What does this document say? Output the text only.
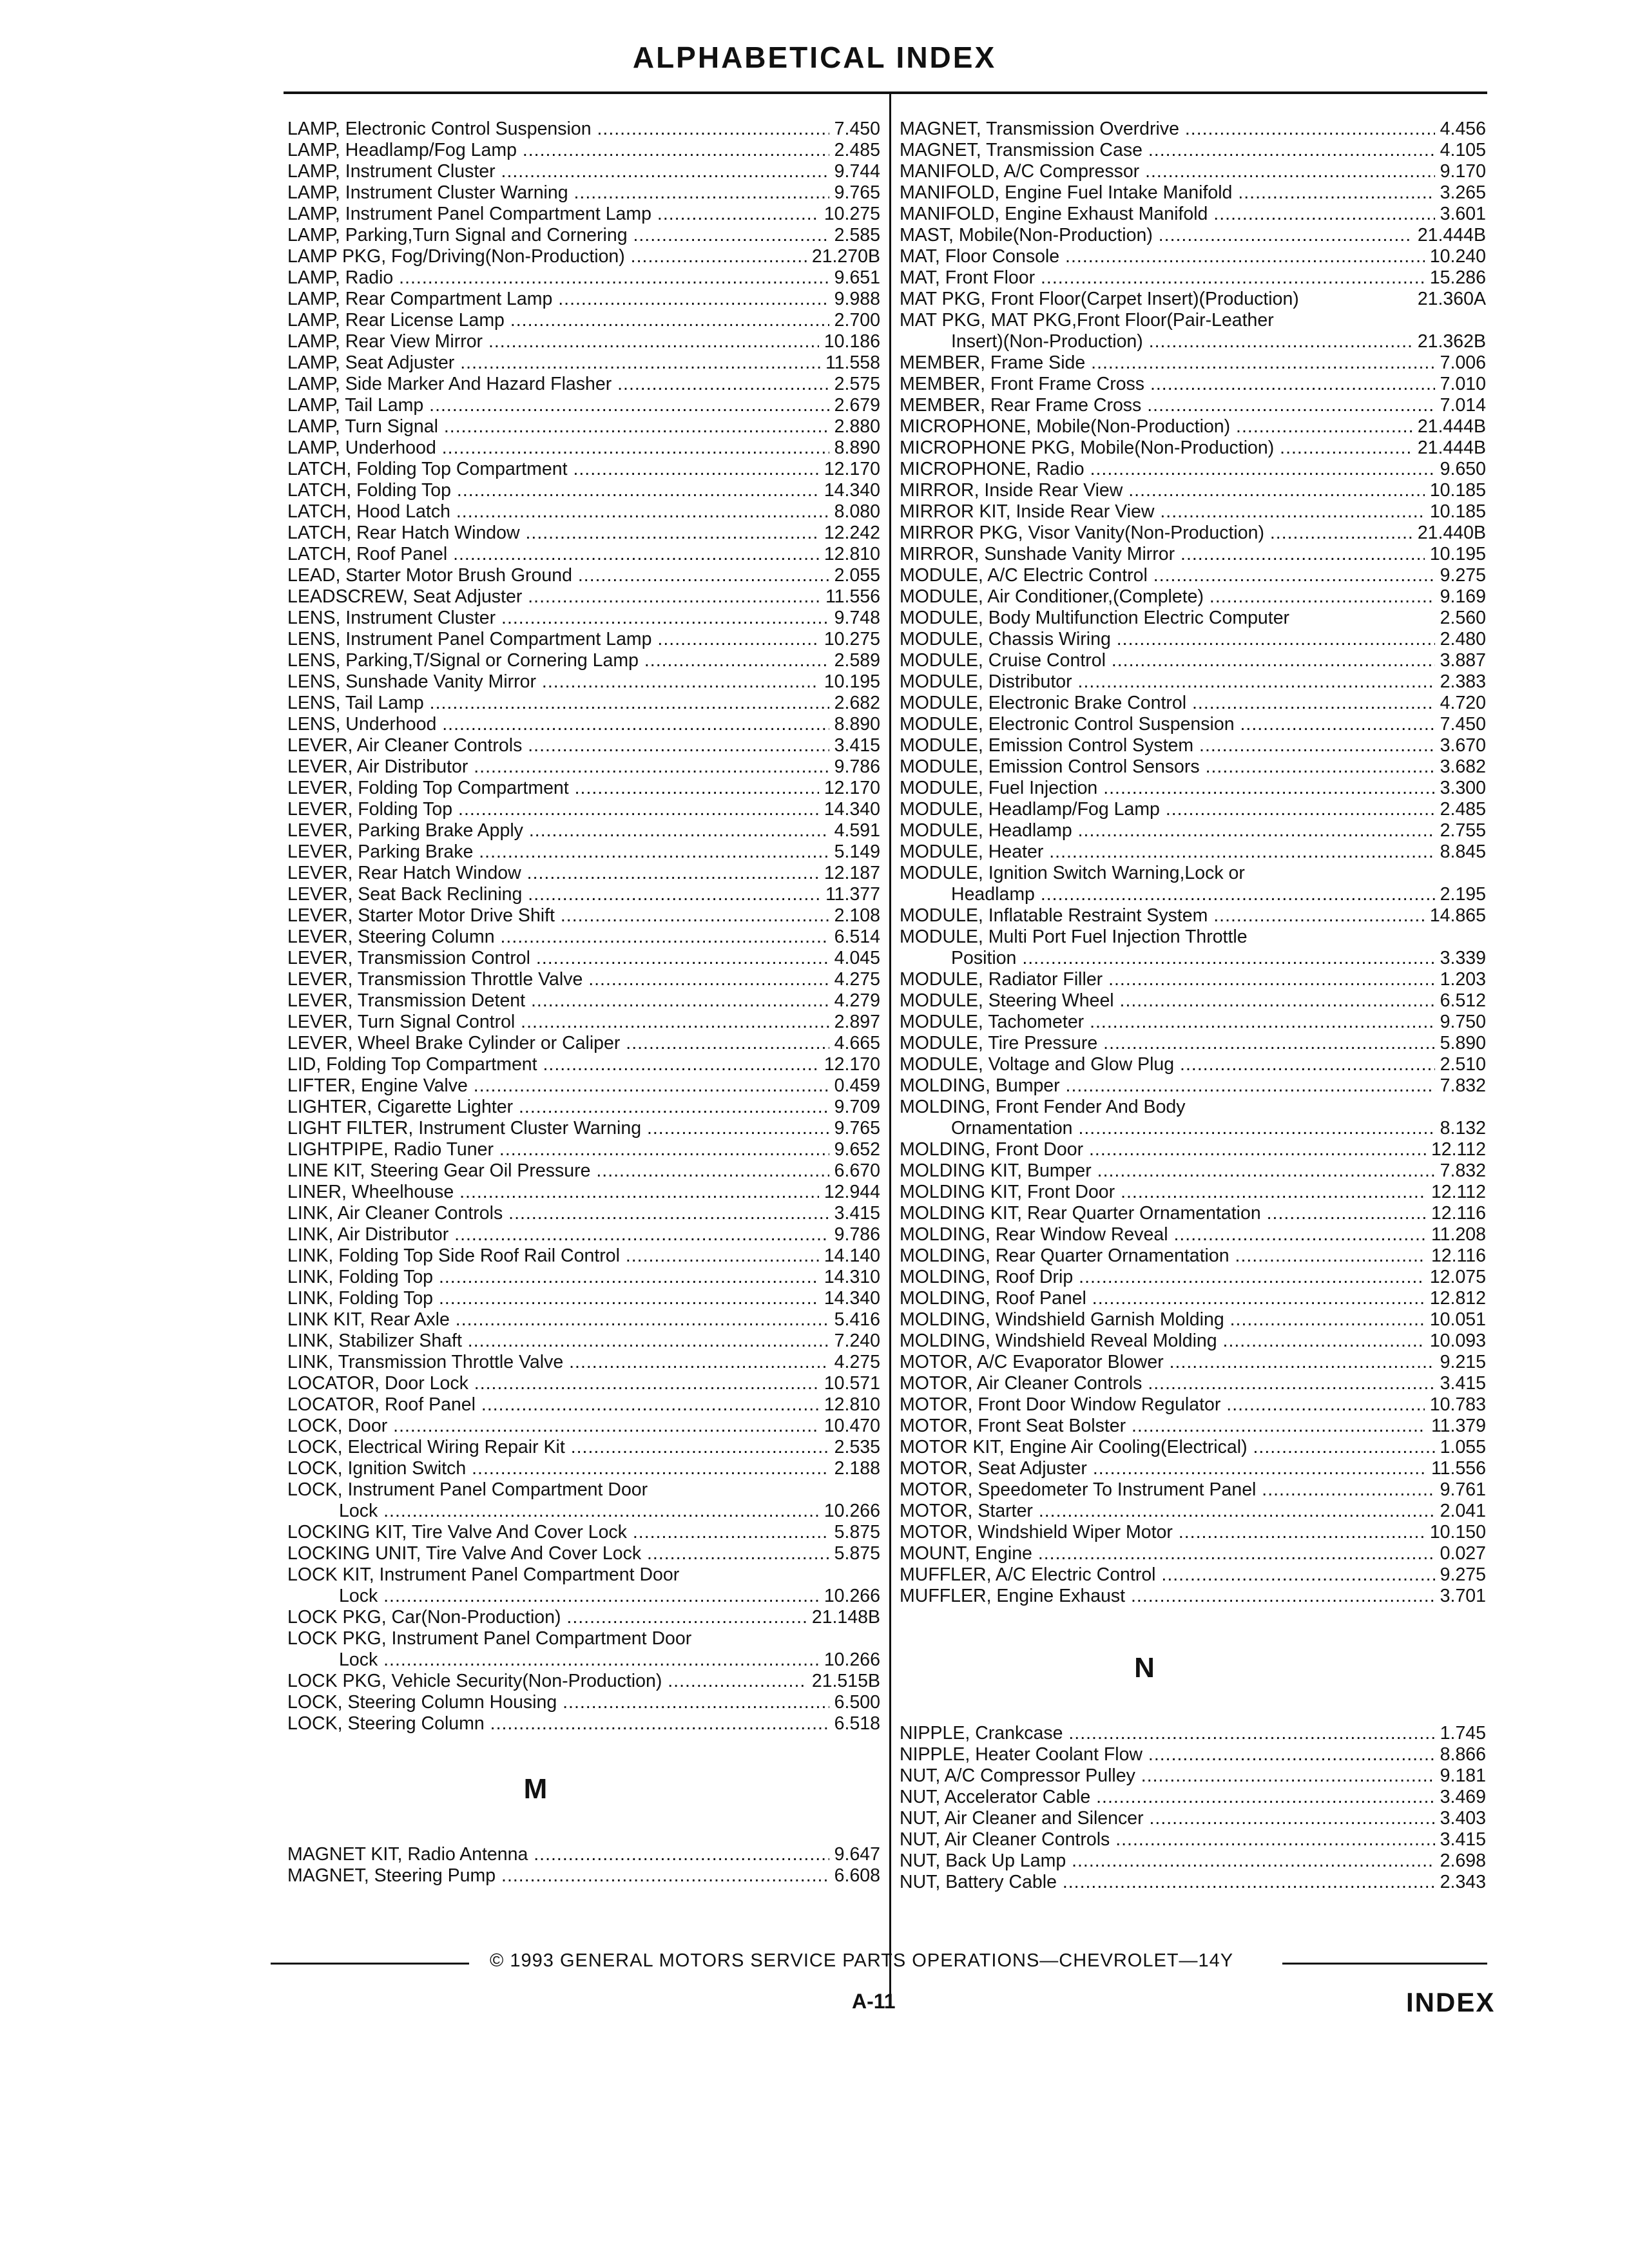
ALPHABETICAL INDEX
LAMP, Electronic Control Suspension .....	7.450
LAMP, Headlamp/Fog Lamp .....	2.485
LAMP, Instrument Cluster .....	9.744
LAMP, Instrument Cluster Warning .....	9.765
LAMP, Instrument Panel Compartment Lamp .....	10.275
LAMP, Parking,Turn Signal and Cornering .....	2.585
LAMP PKG, Fog/Driving(Non-Production) .....	21.270B
LAMP, Radio .....	9.651
LAMP, Rear Compartment Lamp .....	9.988
LAMP, Rear License Lamp .....	2.700
LAMP, Rear View Mirror .....	10.186
LAMP, Seat Adjuster .....	11.558
LAMP, Side Marker And Hazard Flasher .....	2.575
LAMP, Tail Lamp .....	2.679
LAMP, Turn Signal .....	2.880
LAMP, Underhood .....	8.890
LATCH, Folding Top Compartment .....	12.170
LATCH, Folding Top .....	14.340
LATCH, Hood Latch .....	8.080
LATCH, Rear Hatch Window .....	12.242
LATCH, Roof Panel .....	12.810
LEAD, Starter Motor Brush Ground .....	2.055
LEADSCREW, Seat Adjuster .....	11.556
LENS, Instrument Cluster .....	9.748
LENS, Instrument Panel Compartment Lamp .....	10.275
LENS, Parking,T/Signal or Cornering Lamp .....	2.589
LENS, Sunshade Vanity Mirror .....	10.195
LENS, Tail Lamp .....	2.682
LENS, Underhood .....	8.890
LEVER, Air Cleaner Controls .....	3.415
LEVER, Air Distributor .....	9.786
LEVER, Folding Top Compartment .....	12.170
LEVER, Folding Top .....	14.340
LEVER, Parking Brake Apply .....	4.591
LEVER, Parking Brake .....	5.149
LEVER, Rear Hatch Window .....	12.187
LEVER, Seat Back Reclining .....	11.377
LEVER, Starter Motor Drive Shift .....	2.108
LEVER, Steering Column .....	6.514
LEVER, Transmission Control .....	4.045
LEVER, Transmission Throttle Valve .....	4.275
LEVER, Transmission Detent .....	4.279
LEVER, Turn Signal Control .....	2.897
LEVER, Wheel Brake Cylinder or Caliper .....	4.665
LID, Folding Top Compartment .....	12.170
LIFTER, Engine Valve .....	0.459
LIGHTER, Cigarette Lighter .....	9.709
LIGHT FILTER, Instrument Cluster Warning .....	9.765
LIGHTPIPE, Radio Tuner .....	9.652
LINE KIT, Steering Gear Oil Pressure .....	6.670
LINER, Wheelhouse .....	12.944
LINK, Air Cleaner Controls .....	3.415
LINK, Air Distributor .....	9.786
LINK, Folding Top Side Roof Rail Control .....	14.140
LINK, Folding Top .....	14.310
LINK, Folding Top .....	14.340
LINK KIT, Rear Axle .....	5.416
LINK, Stabilizer Shaft .....	7.240
LINK, Transmission Throttle Valve .....	4.275
LOCATOR, Door Lock .....	10.571
LOCATOR, Roof Panel .....	12.810
LOCK, Door .....	10.470
LOCK, Electrical Wiring Repair Kit .....	2.535
LOCK, Ignition Switch .....	2.188
LOCK, Instrument Panel Compartment Door
Lock .....	10.266
LOCKING KIT, Tire Valve And Cover Lock .....	5.875
LOCKING UNIT, Tire Valve And Cover Lock .....	5.875
LOCK KIT, Instrument Panel Compartment Door
Lock .....	10.266
LOCK PKG, Car(Non-Production) .....	21.148B
LOCK PKG, Instrument Panel Compartment Door
Lock .....	10.266
LOCK PKG, Vehicle Security(Non-Production) .....	21.515B
LOCK, Steering Column Housing .....	6.500
LOCK, Steering Column .....	6.518
M
MAGNET KIT, Radio Antenna .....	9.647
MAGNET, Steering Pump .....	6.608
MAGNET, Transmission Overdrive .....	4.456
MAGNET, Transmission Case .....	4.105
MANIFOLD, A/C Compressor .....	9.170
MANIFOLD, Engine Fuel Intake Manifold .....	3.265
MANIFOLD, Engine Exhaust Manifold .....	3.601
MAST, Mobile(Non-Production) .....	21.444B
MAT, Floor Console .....	10.240
MAT, Front Floor .....	15.286
MAT PKG, Front Floor(Carpet Insert)(Production)	21.360A
MAT PKG, MAT PKG,Front Floor(Pair-Leather
Insert)(Non-Production) .....	21.362B
MEMBER, Frame Side .....	7.006
MEMBER, Front Frame Cross .....	7.010
MEMBER, Rear Frame Cross .....	7.014
MICROPHONE, Mobile(Non-Production) .....	21.444B
MICROPHONE PKG, Mobile(Non-Production) .....	21.444B
MICROPHONE, Radio .....	9.650
MIRROR, Inside Rear View .....	10.185
MIRROR KIT, Inside Rear View .....	10.185
MIRROR PKG, Visor Vanity(Non-Production) .....	21.440B
MIRROR, Sunshade Vanity Mirror .....	10.195
MODULE, A/C Electric Control .....	9.275
MODULE, Air Conditioner,(Complete) .....	9.169
MODULE, Body Multifunction Electric Computer	2.560
MODULE, Chassis Wiring .....	2.480
MODULE, Cruise Control .....	3.887
MODULE, Distributor .....	2.383
MODULE, Electronic Brake Control .....	4.720
MODULE, Electronic Control Suspension .....	7.450
MODULE, Emission Control System .....	3.670
MODULE, Emission Control Sensors .....	3.682
MODULE, Fuel Injection .....	3.300
MODULE, Headlamp/Fog Lamp .....	2.485
MODULE, Headlamp .....	2.755
MODULE, Heater .....	8.845
MODULE, Ignition Switch Warning,Lock or
Headlamp .....	2.195
MODULE, Inflatable Restraint System .....	14.865
MODULE, Multi Port Fuel Injection Throttle
Position .....	3.339
MODULE, Radiator Filler .....	1.203
MODULE, Steering Wheel .....	6.512
MODULE, Tachometer .....	9.750
MODULE, Tire Pressure .....	5.890
MODULE, Voltage and Glow Plug .....	2.510
MOLDING, Bumper .....	7.832
MOLDING, Front Fender And Body
Ornamentation .....	8.132
MOLDING, Front Door .....	12.112
MOLDING KIT, Bumper .....	7.832
MOLDING KIT, Front Door .....	12.112
MOLDING KIT, Rear Quarter Ornamentation .....	12.116
MOLDING, Rear Window Reveal .....	11.208
MOLDING, Rear Quarter Ornamentation .....	12.116
MOLDING, Roof Drip .....	12.075
MOLDING, Roof Panel .....	12.812
MOLDING, Windshield Garnish Molding .....	10.051
MOLDING, Windshield Reveal Molding .....	10.093
MOTOR, A/C Evaporator Blower .....	9.215
MOTOR, Air Cleaner Controls .....	3.415
MOTOR, Front Door Window Regulator .....	10.783
MOTOR, Front Seat Bolster .....	11.379
MOTOR KIT, Engine Air Cooling(Electrical) .....	1.055
MOTOR, Seat Adjuster .....	11.556
MOTOR, Speedometer To Instrument Panel .....	9.761
MOTOR, Starter .....	2.041
MOTOR, Windshield Wiper Motor .....	10.150
MOUNT, Engine .....	0.027
MUFFLER, A/C Electric Control .....	9.275
MUFFLER, Engine Exhaust .....	3.701
N
NIPPLE, Crankcase .....	1.745
NIPPLE, Heater Coolant Flow .....	8.866
NUT, A/C Compressor Pulley .....	9.181
NUT, Accelerator Cable .....	3.469
NUT, Air Cleaner and Silencer .....	3.403
NUT, Air Cleaner Controls .....	3.415
NUT, Back Up Lamp .....	2.698
NUT, Battery Cable .....	2.343
© 1993 GENERAL MOTORS SERVICE PARTS OPERATIONS—CHEVROLET—14Y
A-11	INDEX
